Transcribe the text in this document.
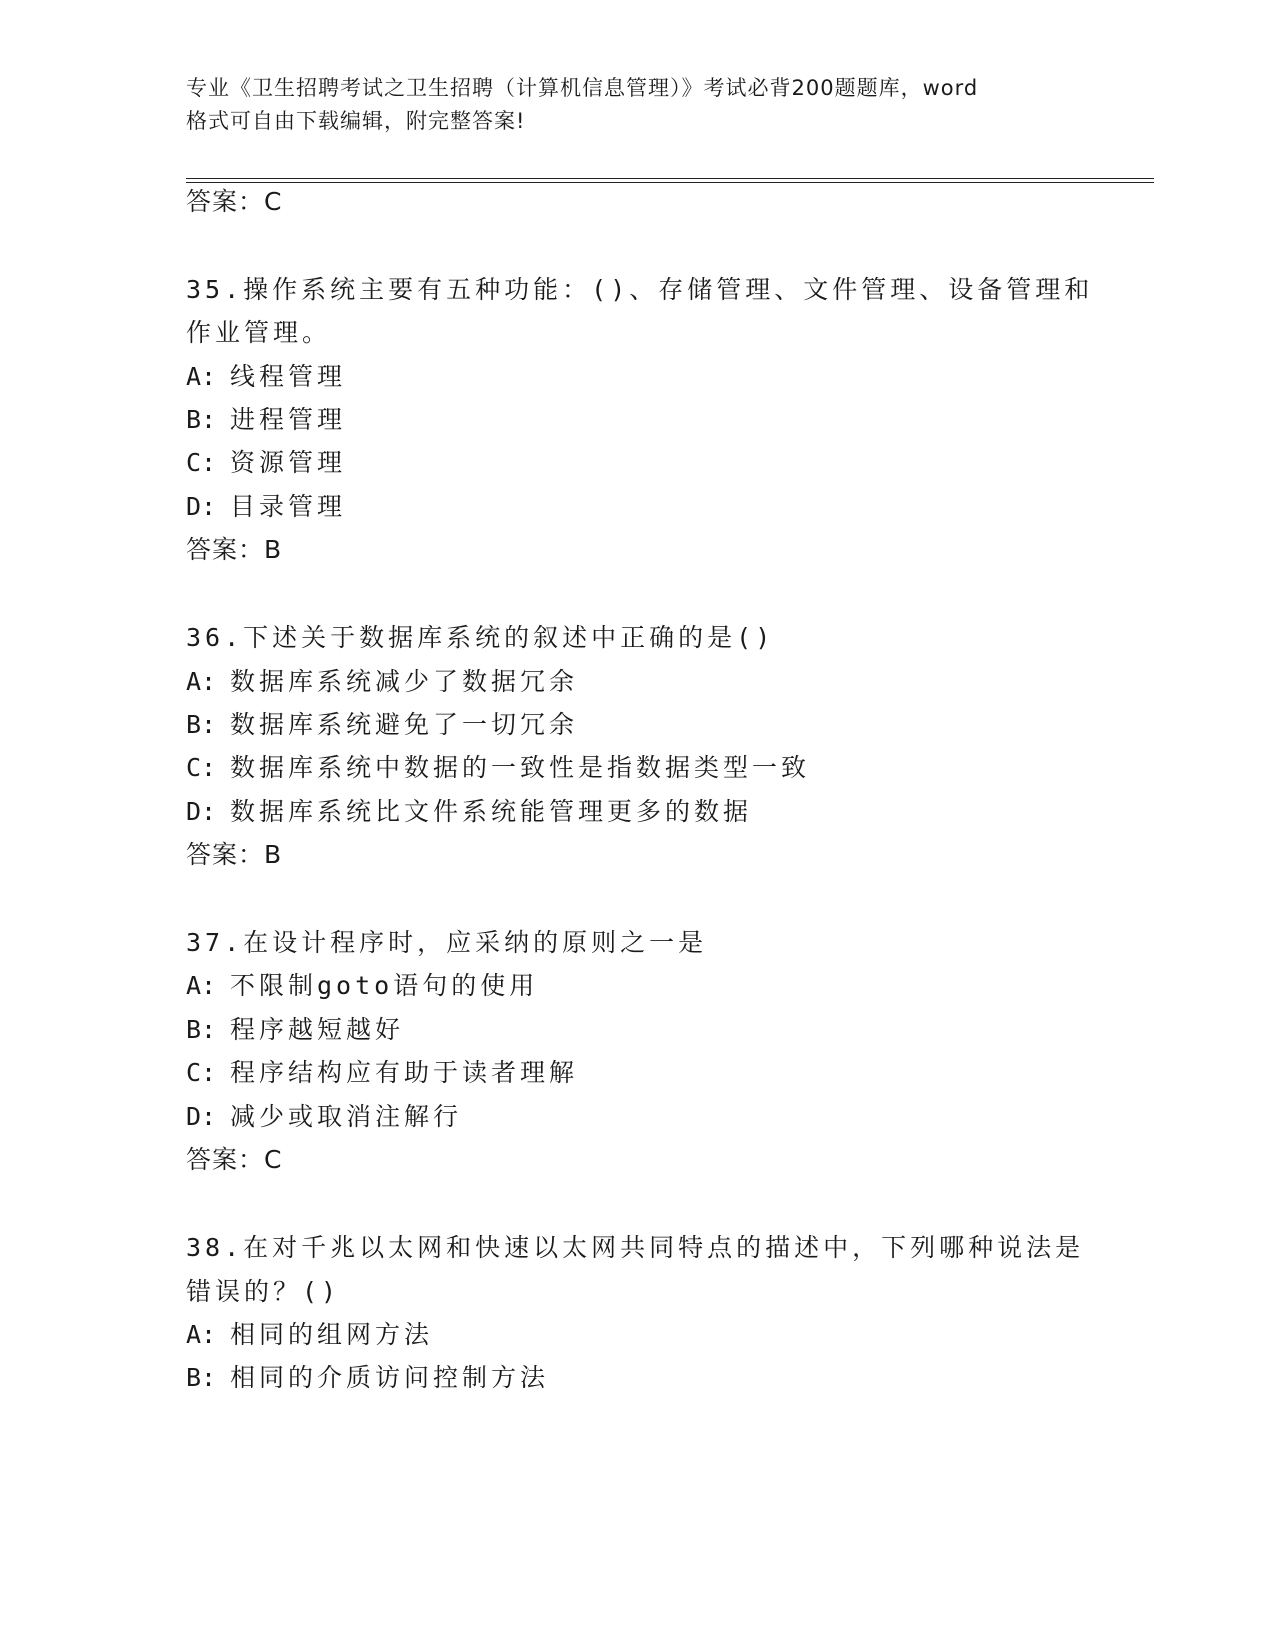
专业《卫生招聘考试之卫生招聘（计算机信息管理）》考试必背200题题库，word
格式可自由下载编辑，附完整答案!
答案：C
35.操作系统主要有五种功能：()、存储管理、文件管理、设备管理和
作业管理。
A: 线程管理
B: 进程管理
C: 资源管理
D: 目录管理
答案：B
36.下述关于数据库系统的叙述中正确的是()
A: 数据库系统减少了数据冗余
B: 数据库系统避免了一切冗余
C: 数据库系统中数据的一致性是指数据类型一致
D: 数据库系统比文件系统能管理更多的数据
答案：B
37.在设计程序时，应采纳的原则之一是
A: 不限制goto语句的使用
B: 程序越短越好
C: 程序结构应有助于读者理解
D: 减少或取消注解行
答案：C
38.在对千兆以太网和快速以太网共同特点的描述中，下列哪种说法是
错误的？()
A: 相同的组网方法
B: 相同的介质访问控制方法
